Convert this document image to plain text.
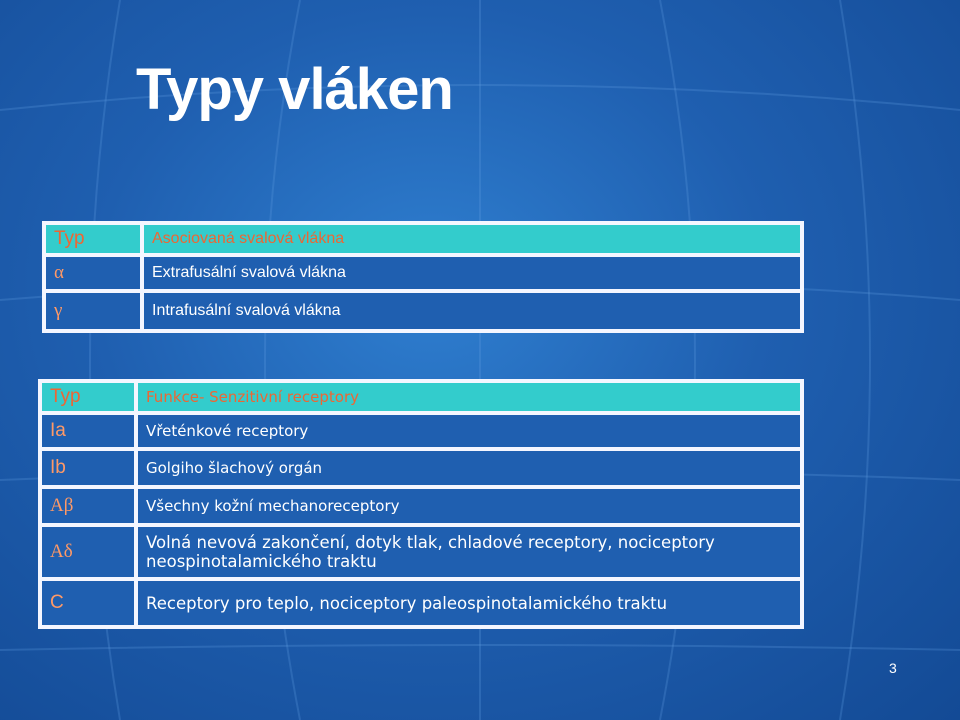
Typy vláken
Typ	Asociovaná svalová vlákna
α	Extrafusální svalová vlákna
γ	Intrafusální svalová vlákna
Typ	Funkce- Senzitivní receptory
Ia	Vřeténkové receptory
Ib	Golgiho šlachový orgán
Aβ	Všechny kožní mechanoreceptory
Aδ	Volná nevová zakončení, dotyk tlak, chladové receptory, nociceptory neospinotalamického traktu
C	Receptory pro teplo, nociceptory paleospinotalamického traktu
3
